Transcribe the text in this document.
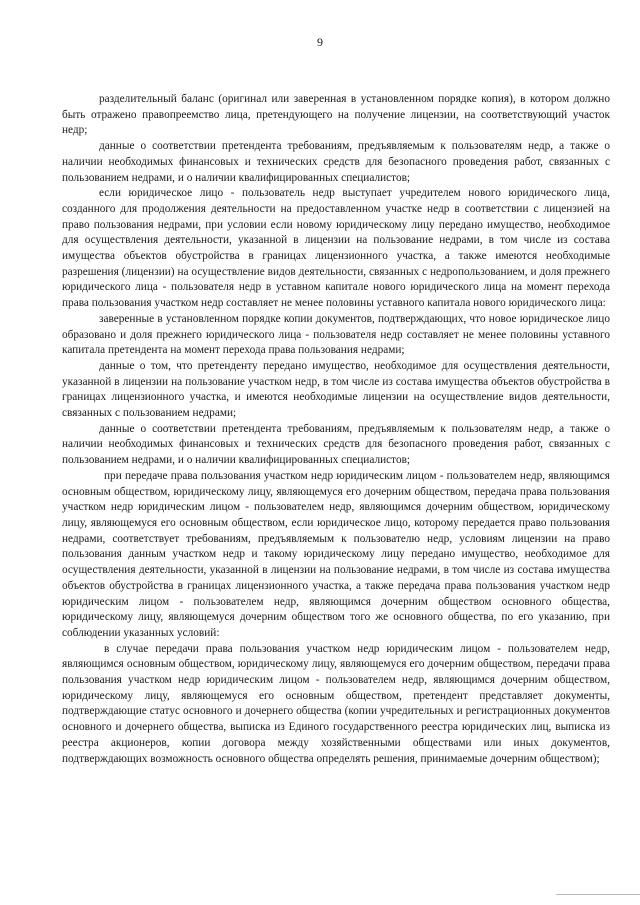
9

разделительный баланс (оригинал или заверенная в установленном порядке копия), в котором должно быть отражено правопреемство лица, претендующего на получение лицензии, на соответствующий участок недр;

данные о соответствии претендента требованиям, предъявляемым к пользователям недр, а также о наличии необходимых финансовых и технических средств для безопасного проведения работ, связанных с пользованием недрами, и о наличии квалифицированных специалистов;

если юридическое лицо - пользователь недр выступает учредителем нового юридического лица, созданного для продолжения деятельности на предоставленном участке недр в соответствии с лицензией на право пользования недрами, при условии если новому юридическому лицу передано имущество, необходимое для осуществления деятельности, указанной в лицензии на пользование недрами, в том числе из состава имущества объектов обустройства в границах лицензионного участка, а также имеются необходимые разрешения (лицензии) на осуществление видов деятельности, связанных с недропользованием, и доля прежнего юридического лица - пользователя недр в уставном капитале нового юридического лица на момент перехода права пользования участком недр составляет не менее половины уставного капитала нового юридического лица:

заверенные в установленном порядке копии документов, подтверждающих, что новое юридическое лицо образовано и доля прежнего юридического лица - пользователя недр составляет не менее половины уставного капитала претендента на момент перехода права пользования недрами;

данные о том, что претенденту передано имущество, необходимое для осуществления деятельности, указанной в лицензии на пользование участком недр, в том числе из состава имущества объектов обустройства в границах лицензионного участка, и имеются необходимые лицензии на осуществление видов деятельности, связанных с пользованием недрами;

данные о соответствии претендента требованиям, предъявляемым к пользователям недр, а также о наличии необходимых финансовых и технических средств для безопасного проведения работ, связанных с пользованием недрами, и о наличии квалифицированных специалистов;

при передаче права пользования участком недр юридическим лицом - пользователем недр, являющимся основным обществом, юридическому лицу, являющемуся его дочерним обществом, передача права пользования участком недр юридическим лицом - пользователем недр, являющимся дочерним обществом, юридическому лицу, являющемуся его основным обществом, если юридическое лицо, которому передается право пользования недрами, соответствует требованиям, предъявляемым к пользователю недр, условиям лицензии на право пользования данным участком недр и такому юридическому лицу передано имущество, необходимое для осуществления деятельности, указанной в лицензии на пользование недрами, в том числе из состава имущества объектов обустройства в границах лицензионного участка, а также передача права пользования участком недр юридическим лицом - пользователем недр, являющимся дочерним обществом основного общества, юридическому лицу, являющемуся дочерним обществом того же основного общества, по его указанию, при соблюдении указанных условий:

в случае передачи права пользования участком недр юридическим лицом - пользователем недр, являющимся основным обществом, юридическому лицу, являющемуся его дочерним обществом, передачи права пользования участком недр юридическим лицом - пользователем недр, являющимся дочерним обществом, юридическому лицу, являющемуся его основным обществом, претендент представляет документы, подтверждающие статус основного и дочернего общества (копии учредительных и регистрационных документов основного и дочернего общества, выписка из Единого государственного реестра юридических лиц, выписка из реестра акционеров, копии договора между хозяйственными обществами или иных документов, подтверждающих возможность основного общества определять решения, принимаемые дочерним обществом);
